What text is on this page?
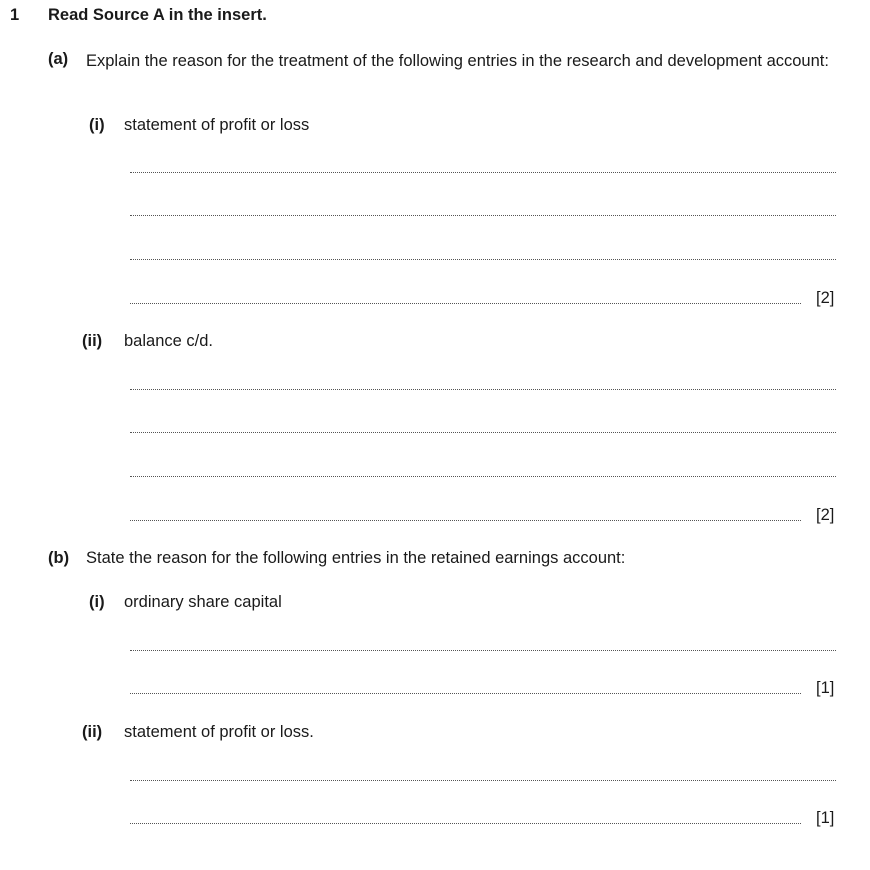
1 Read Source A in the insert.
(a) Explain the reason for the treatment of the following entries in the research and development account:
(i) statement of profit or loss
[2]
(ii) balance c/d.
[2]
(b) State the reason for the following entries in the retained earnings account:
(i) ordinary share capital
[1]
(ii) statement of profit or loss.
[1]
